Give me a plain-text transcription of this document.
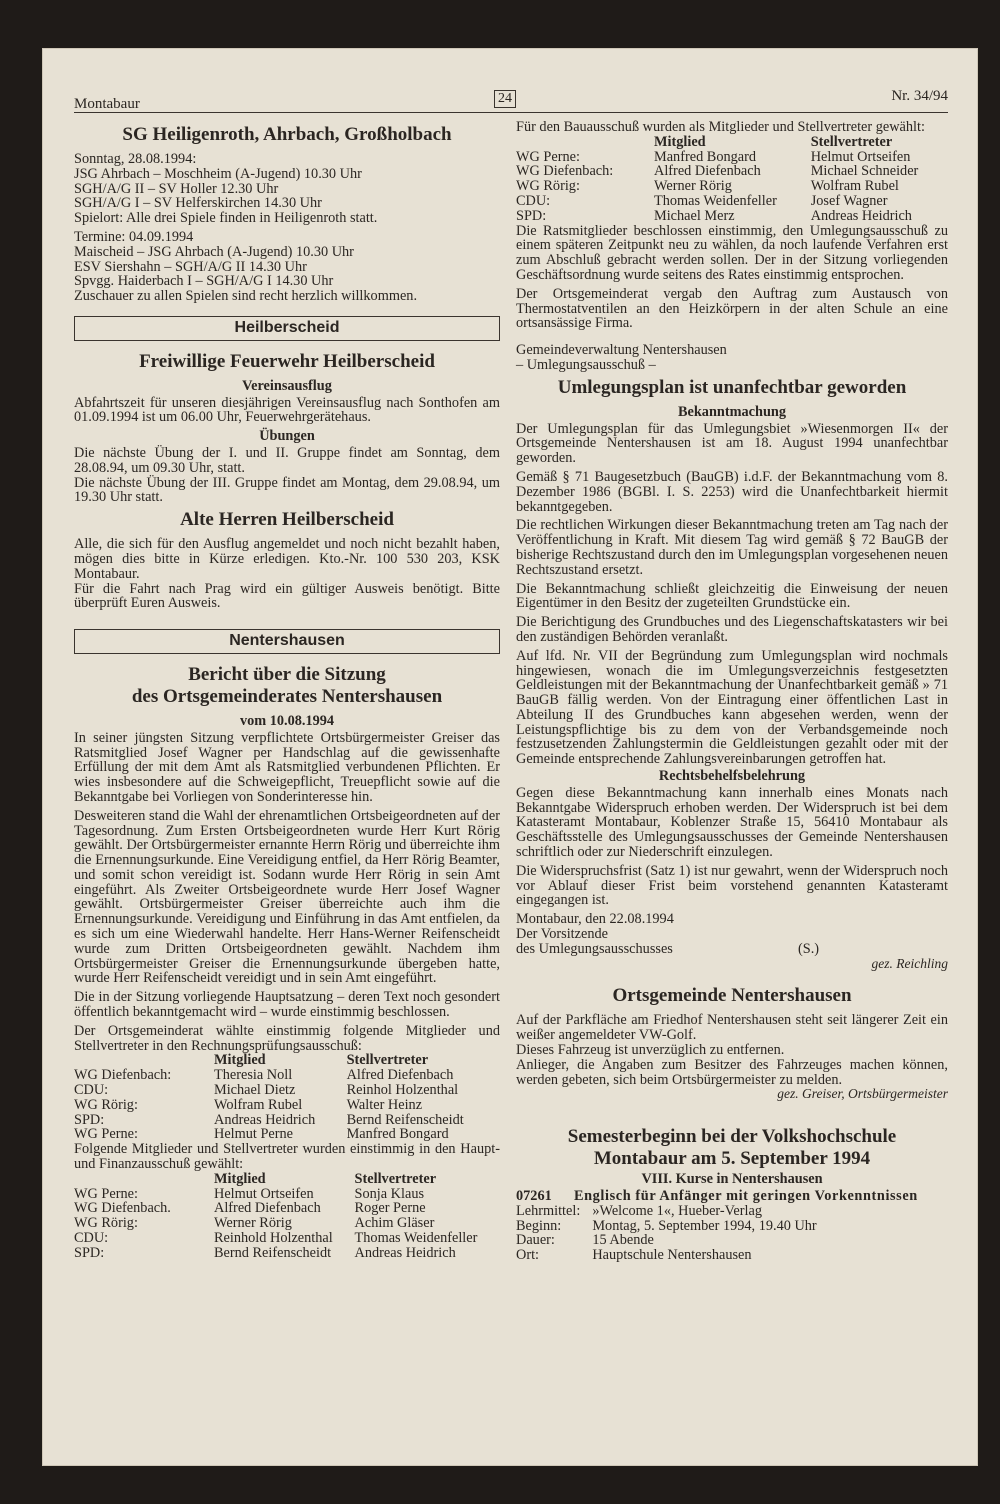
Montabaur	24	Nr. 34/94
SG Heiligenroth, Ahrbach, Großholbach
Sonntag, 28.08.1994:
JSG Ahrbach – Moschheim (A-Jugend) 10.30 Uhr
SGH/A/G II – SV Holler 12.30 Uhr
SGH/A/G I – SV Helferskirchen 14.30 Uhr
Spielort: Alle drei Spiele finden in Heiligenroth statt.
Termine: 04.09.1994
Maischeid – JSG Ahrbach (A-Jugend) 10.30 Uhr
ESV Siershahn – SGH/A/G II 14.30 Uhr
Spvgg. Haiderbach I – SGH/A/G I 14.30 Uhr
Zuschauer zu allen Spielen sind recht herzlich willkommen.
Heilberscheid
Freiwillige Feuerwehr Heilberscheid
Vereinsausflug

Abfahrtszeit für unseren diesjährigen Vereinsausflug nach Sonthofen am 01.09.1994 ist um 06.00 Uhr, Feuerwehrgerätehaus.

Übungen

Die nächste Übung der I. und II. Gruppe findet am Sonntag, dem 28.08.94, um 09.30 Uhr, statt.

Die nächste Übung der III. Gruppe findet am Montag, dem 29.08.94, um 19.30 Uhr statt.

Alte Herren Heilberscheid

Alle, die sich für den Ausflug angemeldet und noch nicht bezahlt haben, mögen dies bitte in Kürze erledigen. Kto.-Nr. 100 530 203, KSK Montabaur.

Für die Fahrt nach Prag wird ein gültiger Ausweis benötigt. Bitte überprüft Euren Ausweis.

Nentershausen
Bericht über die Sitzung
des Ortsgemeinderates Nentershausen
vom 10.08.1994

In seiner jüngsten Sitzung verpflichtete Ortsbürgermeister Greiser das Ratsmitglied Josef Wagner per Handschlag auf die gewissenhafte Erfüllung der mit dem Amt als Ratsmitglied verbundenen Pflichten. Er wies insbesondere auf die Schweigepflicht, Treuepflicht sowie auf die Bekanntgabe bei Vorliegen von Sonderinteresse hin.

Desweiteren stand die Wahl der ehrenamtlichen Ortsbeigeordneten auf der Tagesordnung. Zum Ersten Ortsbeigeordneten wurde Herr Kurt Rörig gewählt. Der Ortsbürgermeister ernannte Herrn Rörig und überreichte ihm die Ernennungsurkunde. Eine Vereidigung entfiel, da Herr Rörig Beamter, und somit schon vereidigt ist. Sodann wurde Herr Rörig in sein Amt eingeführt. Als Zweiter Ortsbeigeordnete wurde Herr Josef Wagner gewählt. Ortsbürgermeister Greiser überreichte auch ihm die Ernennungsurkunde. Vereidigung und Einführung in das Amt entfielen, da es sich um eine Wiederwahl handelte. Herr Hans-Werner Reifenscheidt wurde zum Dritten Ortsbeigeordneten gewählt. Nachdem ihm Ortsbürgermeister Greiser die Ernennungsurkunde übergeben hatte, wurde Herr Reifenscheidt vereidigt und in sein Amt eingeführt.

Die in der Sitzung vorliegende Hauptsatzung – deren Text noch gesondert öffentlich bekanntgemacht wird – wurde einstimmig beschlossen.

Der Ortsgemeinderat wählte einstimmig folgende Mitglieder und Stellvertreter in den Rechnungsprüfungsausschuß:

	Mitglied	Stellvertreter
WG Diefenbach:	Theresia Noll	Alfred Diefenbach
CDU:	Michael Dietz	Reinhol Holzenthal
WG Rörig:	Wolfram Rubel	Walter Heinz
SPD:	Andreas Heidrich	Bernd Reifenscheidt
WG Perne:	Helmut Perne	Manfred Bongard

Folgende Mitglieder und Stellvertreter wurden einstimmig in den Haupt- und Finanzausschuß gewählt:

	Mitglied	Stellvertreter
WG Perne:	Helmut Ortseifen	Sonja Klaus
WG Diefenbach.	Alfred Diefenbach	Roger Perne
WG Rörig:	Werner Rörig	Achim Gläser
CDU:	Reinhold Holzenthal	Thomas Weidenfeller
SPD:	Bernd Reifenscheidt	Andreas Heidrich

Für den Bauausschuß wurden als Mitglieder und Stellvertreter gewählt:

	Mitglied	Stellvertreter
WG Perne:	Manfred Bongard	Helmut Ortseifen
WG Diefenbach:	Alfred Diefenbach	Michael Schneider
WG Rörig:	Werner Rörig	Wolfram Rubel
CDU:	Thomas Weidenfeller	Josef Wagner
SPD:	Michael Merz	Andreas Heidrich

Die Ratsmitglieder beschlossen einstimmig, den Umlegungsausschuß zu einem späteren Zeitpunkt neu zu wählen, da noch laufende Verfahren erst zum Abschluß gebracht werden sollen. Der in der Sitzung vorliegenden Geschäftsordnung wurde seitens des Rates einstimmig entsprochen.

Der Ortsgemeinderat vergab den Auftrag zum Austausch von Thermostatventilen an den Heizkörpern in der alten Schule an eine ortsansässige Firma.

Gemeindeverwaltung Nentershausen
– Umlegungsausschuß –
Umlegungsplan ist unanfechtbar geworden
Bekanntmachung

Der Umlegungsplan für das Umlegungsbiet »Wiesenmorgen II« der Ortsgemeinde Nentershausen ist am 18. August 1994 unanfechtbar geworden.

Gemäß § 71 Baugesetzbuch (BauGB) i.d.F. der Bekanntmachung vom 8. Dezember 1986 (BGBl. I. S. 2253) wird die Unanfechtbarkeit hiermit bekanntgegeben.

Die rechtlichen Wirkungen dieser Bekanntmachung treten am Tag nach der Veröffentlichung in Kraft. Mit diesem Tag wird gemäß § 72 BauGB der bisherige Rechtszustand durch den im Umlegungsplan vorgesehenen neuen Rechtszustand ersetzt.

Die Bekanntmachung schließt gleichzeitig die Einweisung der neuen Eigentümer in den Besitz der zugeteilten Grundstücke ein.

Die Berichtigung des Grundbuches und des Liegenschaftskatasters wir bei den zuständigen Behörden veranlaßt.

Auf lfd. Nr. VII der Begründung zum Umlegungsplan wird nochmals hingewiesen, wonach die im Umlegungsverzeichnis festgesetzten Geldleistungen mit der Bekanntmachung der Unanfechtbarkeit gemäß » 71 BauGB fällig werden. Von der Eintragung einer öffentlichen Last in Abteilung II des Grundbuches kann abgesehen werden, wenn der Leistungspflichtige bis zu dem von der Verbandsgemeinde noch festzusetzenden Zahlungstermin die Geldleistungen gezahlt oder mit der Gemeinde entsprechende Zahlungsvereinbarungen getroffen hat.

Rechtsbehelfsbelehrung

Gegen diese Bekanntmachung kann innerhalb eines Monats nach Bekanntgabe Widerspruch erhoben werden. Der Widerspruch ist bei dem Katasteramt Montabaur, Koblenzer Straße 15, 56410 Montabaur als Geschäftsstelle des Umlegungsausschusses der Gemeinde Nentershausen schriftlich oder zur Niederschrift einzulegen.

Die Widerspruchsfrist (Satz 1) ist nur gewahrt, wenn der Widerspruch noch vor Ablauf dieser Frist beim vorstehend genannten Katasteramt eingegangen ist.

Montabaur, den 22.08.1994
Der Vorsitzende
des Umlegungsausschusses	(S.)
gez. Reichling
Ortsgemeinde Nentershausen

Auf der Parkfläche am Friedhof Nentershausen steht seit längerer Zeit ein weißer angemeldeter VW-Golf.

Dieses Fahrzeug ist unverzüglich zu entfernen.

Anlieger, die Angaben zum Besitzer des Fahrzeuges machen können, werden gebeten, sich beim Ortsbürgermeister zu melden.

gez. Greiser, Ortsbürgermeister
Semesterbeginn bei der Volkshochschule
Montabaur am 5. September 1994
VIII. Kurse in Nentershausen
07261	Englisch für Anfänger mit geringen Vorkenntnissen
Lehrmittel:	»Welcome 1«, Hueber-Verlag
Beginn:	Montag, 5. September 1994, 19.40 Uhr
Dauer:	15 Abende
Ort:	Hauptschule Nentershausen
